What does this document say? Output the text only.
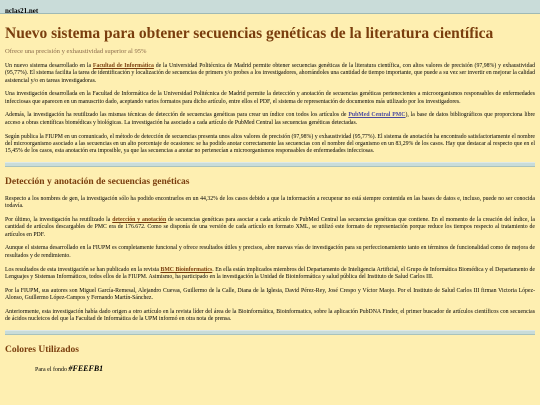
nclas21.net
Nuevo sistema para obtener secuencias genéticas de la literatura científica
Ofrece una precisión y exhaustividad superior al 95%

Un nuevo sistema desarrollado en la Facultad de Informática de la Universidad Politécnica de Madrid permite obtener secuencias genéticas de la literatura científica, con altos valores de precisión (97,98%) y exhaustividad (95,77%). El sistema facilita la tarea de identificación y localización de secuencias de primers y/o probes a los investigadores, ahorrándoles una cantidad de tiempo importante, que puede a su vez ser invertir en mejorar la calidad asistencial y/o en tareas investigadoras.

Una investigación desarrollada en la Facultad de Informática de la Universidad Politécnica de Madrid permite la detección y anotación de secuencias genéticas pertenecientes a microorganismos responsables de enfermedades infecciosas que aparecen en un manuscrito dado, aceptando varios formatos para dicho artículo, entre ellos el PDF, el sistema de representación de documentos más utilizado por los investigadores.

Además, la investigación ha reutilizado las mismas técnicas de detección de secuencias genéticas para crear un índice con todos los artículos de PubMed Central PMC), la base de datos bibliográficos que proporciona libre acceso a obras científicas biomédicas y biológicas. La investigación ha asociado a cada artículo de PubMed Central las secuencias genéticas detectadas.

Según publica la FIUPM en un comunicado, el método de detección de secuencias presenta unos altos valores de precisión (97,98%) y exhaustividad (95,77%). El sistema de anotación ha encontrado satisfactoriamente el nombre del microorganismo asociado a las secuencias en un alto porcentaje de ocasiones: se ha podido anotar correctamente las secuencias con el nombre del organismo en un 83,29% de los casos. Hay que destacar al respecto que en el 15,45% de los casos, esta anotación era imposible, ya que las secuencias a anotar no pertenecían a microorganismos responsables de enfermedades infecciosas.

Detección y anotación de secuencias genéticas

Respecto a los nombres de gen, la investigación sólo ha podido encontrarlos en un 44,32% de los casos debido a que la información a recuperar no está siempre contenida en las bases de datos e, incluso, puede no ser conocida todavía.

Por último, la investigación ha reutilizado la detección y anotación de secuencias genéticas para asociar a cada artículo de PubMed Central las secuencias genéticas que contiene. En el momento de la creación del índice, la cantidad de artículos descargables de PMC era de 176.672. Como se disponía de una versión de cada artículo en formato XML, se utilizó este formato de representación porque reduce los tiempos respecto al tratamiento de artículos en PDF.

Aunque el sistema desarrollado en la FIUPM es completamente funcional y ofrece resultados útiles y precisos, abre nuevas vías de investigación para su perfeccionamiento tanto en términos de funcionalidad como de mejora de resultados y de rendimiento.

Los resultados de esta investigación se han publicado en la revista BMC Bioinformatics. En ella están implicados miembros del Departamento de Inteligencia Artificial, el Grupo de Informática Biomédica y el Departamento de Lenguajes y Sistemas Informáticos, todos ellos de la FIUPM. Asimismo, ha participado en la investigación la Unidad de Bioinformática y salud pública del Instituto de Salud Carlos III.

Por la FIUPM, sus autores son Miguel García-Remesal, Alejandro Cuevas, Guillermo de la Calle, Diana de la Iglesia, David Pérez-Rey, José Crespo y Víctor Maojo. Por el Instituto de Salud Carlos III firman Victoria López-Alonso, Guillermo López-Campos y Fernando Martín-Sánchez.

Anteriormente, esta investigación había dado origen a otro artículo en la revista líder del área de la Bioinformática, Bioinformatics, sobre la aplicación PubDNA Finder, el primer buscador de artículos científicos con secuencias de ácidos nucleicos del que la Facultad de Informática de la UPM informó en otra nota de prensa.

Colores Utilizados
Para el fondo #FEEFB1
